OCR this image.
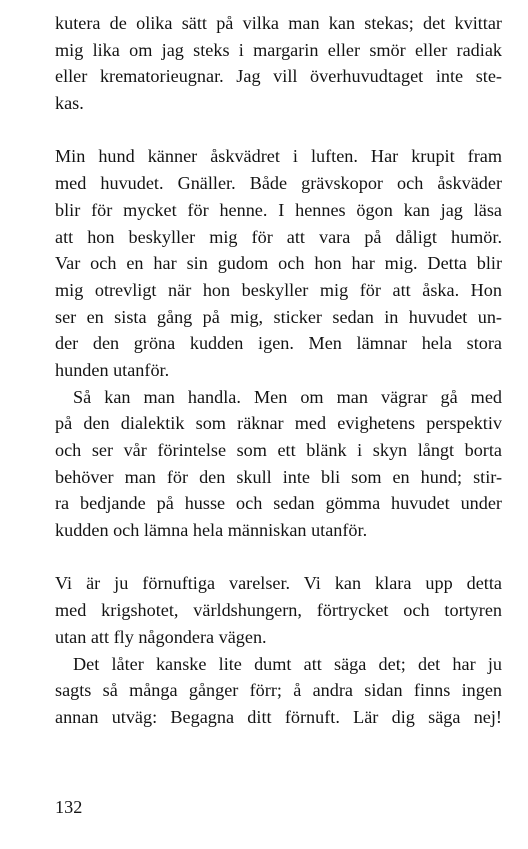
kutera de olika sätt på vilka man kan stekas; det kvittar
mig lika om jag steks i margarin eller smör eller radiak
eller krematorieugnar. Jag vill överhuvudtaget inte ste-
kas.
Min hund känner åskvädret i luften. Har krupit fram
med huvudet. Gnäller. Både grävskopor och åskväder
blir för mycket för henne. I hennes ögon kan jag läsa
att hon beskyller mig för att vara på dåligt humör.
Var och en har sin gudom och hon har mig. Detta blir
mig otrevligt när hon beskyller mig för att åska. Hon
ser en sista gång på mig, sticker sedan in huvudet un-
der den gröna kudden igen. Men lämnar hela stora
hunden utanför.
Så kan man handla. Men om man vägrar gå med
på den dialektik som räknar med evighetens perspektiv
och ser vår förintelse som ett blänk i skyn långt borta
behöver man för den skull inte bli som en hund; stir-
ra bedjande på husse och sedan gömma huvudet under
kudden och lämna hela människan utanför.
Vi är ju förnuftiga varelser. Vi kan klara upp detta
med krigshotet, världshungern, förtrycket och tortyren
utan att fly någondera vägen.
Det låter kanske lite dumt att säga det; det har ju
sagts så många gånger förr; å andra sidan finns ingen
annan utväg: Begagna ditt förnuft. Lär dig säga nej!
132
